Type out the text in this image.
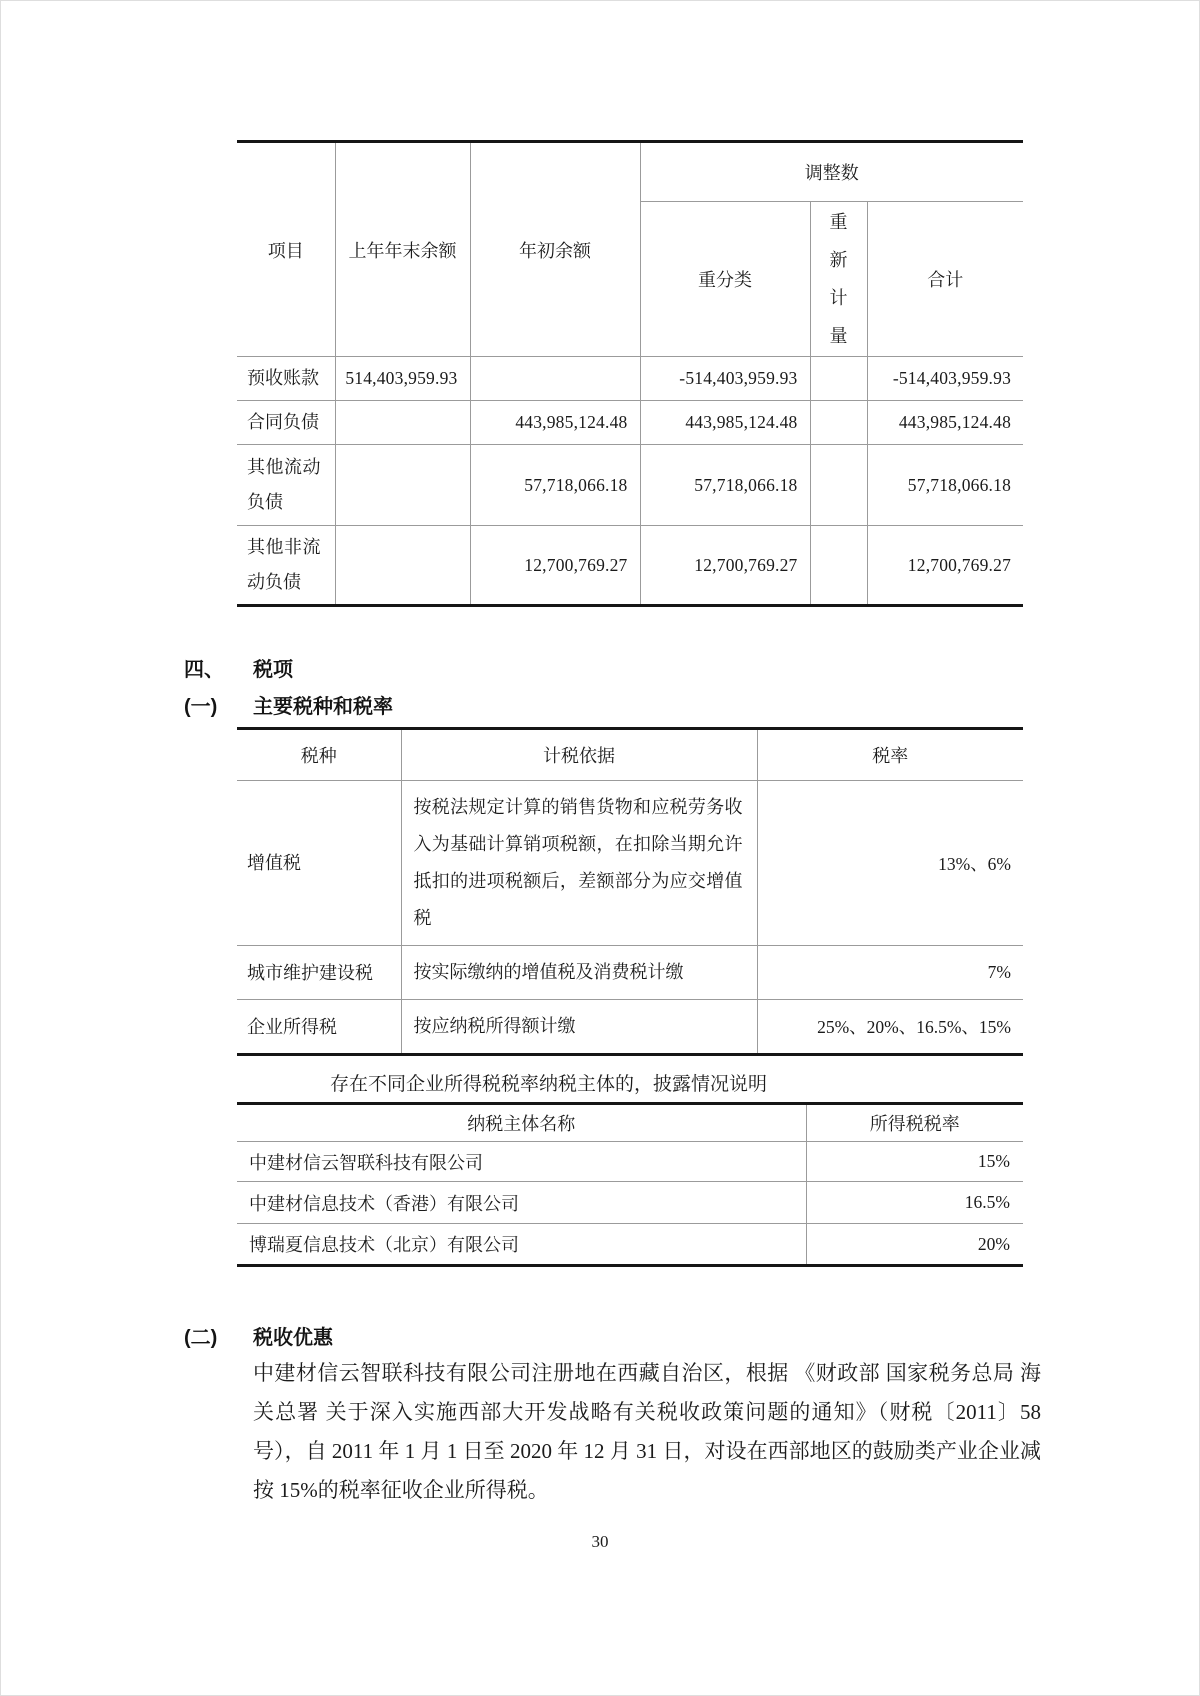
项目	上年年末余额	年初余额	调整数		
			重分类	重新计量	合计
预收账款	514,403,959.93		-514,403,959.93		-514,403,959.93
合同负债		443,985,124.48	443,985,124.48		443,985,124.48
其他流动负债		57,718,066.18	57,718,066.18		57,718,066.18
其他非流动负债		12,700,769.27	12,700,769.27		12,700,769.27
四、 税项
(一) 主要税种和税率
税种	计税依据	税率
增值税	按税法规定计算的销售货物和应税劳务收入为基础计算销项税额，在扣除当期允许抵扣的进项税额后，差额部分为应交增值税	13%、6%
城市维护建设税	按实际缴纳的增值税及消费税计缴	7%
企业所得税	按应纳税所得额计缴	25%、20%、16.5%、15%
存在不同企业所得税税率纳税主体的，披露情况说明
纳税主体名称	所得税税率
中建材信云智联科技有限公司	15%
中建材信息技术（香港）有限公司	16.5%
博瑞夏信息技术（北京）有限公司	20%
(二) 税收优惠
中建材信云智联科技有限公司注册地在西藏自治区，根据 《财政部 国家税务总局 海关总署 关于深入实施西部大开发战略有关税收政策问题的通知》（财税〔2011〕58 号），自 2011 年 1 月 1 日至 2020 年 12 月 31 日，对设在西部地区的鼓励类产业企业减按 15%的税率征收企业所得税。
30
